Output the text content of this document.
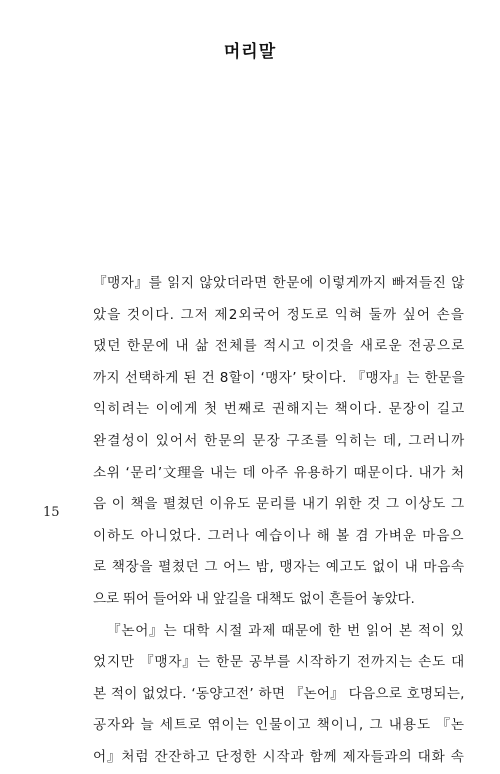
머리말
15
『맹자』를 읽지 않았더라면 한문에 이렇게까지 빠져들진 않
았을 것이다. 그저 제2외국어 정도로 익혀 둘까 싶어 손을
댔던 한문에 내 삶 전체를 적시고 이것을 새로운 전공으로
까지 선택하게 된 건 8할이 ‘맹자’ 탓이다. 『맹자』는 한문을
익히려는 이에게 첫 번째로 권해지는 책이다. 문장이 길고
완결성이 있어서 한문의 문장 구조를 익히는 데, 그러니까
소위 ‘문리’文理을 내는 데 아주 유용하기 때문이다. 내가 처
음 이 책을 펼쳤던 이유도 문리를 내기 위한 것 그 이상도 그
이하도 아니었다. 그러나 예습이나 해 볼 겸 가벼운 마음으
로 책장을 펼쳤던 그 어느 밤, 맹자는 예고도 없이 내 마음속
으로 뛰어 들어와 내 앞길을 대책도 없이 흔들어 놓았다.
『논어』는 대학 시절 과제 때문에 한 번 읽어 본 적이 있
었지만 『맹자』는 한문 공부를 시작하기 전까지는 손도 대
본 적이 없었다. ‘동양고전’ 하면 『논어』 다음으로 호명되는,
공자와 늘 세트로 엮이는 인물이고 책이니, 그 내용도 『논
어』처럼 잔잔하고 단정한 시작과 함께 제자들과의 대화 속
